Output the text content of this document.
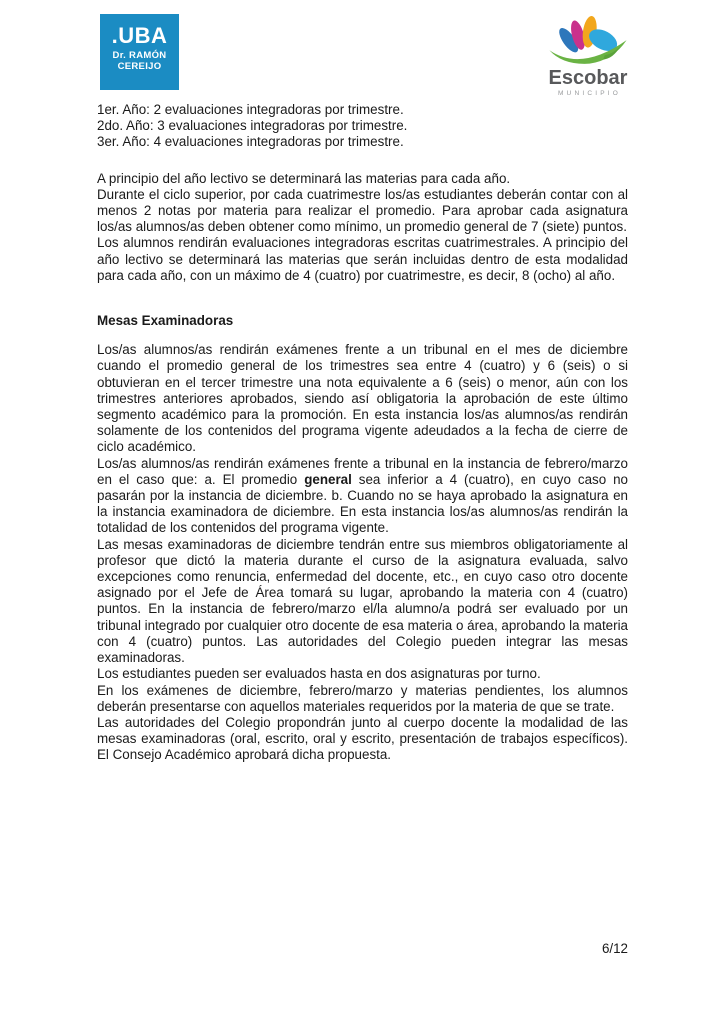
.UBA
Dr. RAMÓN
CEREIJO
Escobar
MUNICIPIO
1er. Año: 2 evaluaciones integradoras por trimestre.
2do. Año: 3 evaluaciones integradoras por trimestre.
3er. Año: 4 evaluaciones integradoras por trimestre.

A principio del año lectivo se determinará las materias para cada año.

Durante el ciclo superior, por cada cuatrimestre los/as estudiantes deberán contar con al menos 2 notas por materia para realizar el promedio. Para aprobar cada asignatura los/as alumnos/as deben obtener como mínimo, un promedio general de 7 (siete) puntos.

Los alumnos rendirán evaluaciones integradoras escritas cuatrimestrales. A principio del año lectivo se determinará las materias que serán incluidas dentro de esta modalidad para cada año, con un máximo de 4 (cuatro) por cuatrimestre, es decir, 8 (ocho) al año.

Mesas Examinadoras

Los/as alumnos/as rendirán exámenes frente a un tribunal en el mes de diciembre cuando el promedio general de los trimestres sea entre 4 (cuatro) y 6 (seis) o si obtuvieran en el tercer trimestre una nota equivalente a 6 (seis) o menor, aún con los trimestres anteriores aprobados, siendo así obligatoria la aprobación de este último segmento académico para la promoción. En esta instancia los/as alumnos/as rendirán solamente de los contenidos del programa vigente adeudados a la fecha de cierre de ciclo académico.

Los/as alumnos/as rendirán exámenes frente a tribunal en la instancia de febrero/marzo en el caso que: a. El promedio general sea inferior a 4 (cuatro), en cuyo caso no pasarán por la instancia de diciembre. b. Cuando no se haya aprobado la asignatura en la instancia examinadora de diciembre. En esta instancia los/as alumnos/as rendirán la totalidad de los contenidos del programa vigente.

Las mesas examinadoras de diciembre tendrán entre sus miembros obligatoriamente al profesor que dictó la materia durante el curso de la asignatura evaluada, salvo excepciones como renuncia, enfermedad del docente, etc., en cuyo caso otro docente asignado por el Jefe de Área tomará su lugar, aprobando la materia con 4 (cuatro) puntos. En la instancia de febrero/marzo el/la alumno/a podrá ser evaluado por un tribunal integrado por cualquier otro docente de esa materia o área, aprobando la materia con 4 (cuatro) puntos. Las autoridades del Colegio pueden integrar las mesas examinadoras.

Los estudiantes pueden ser evaluados hasta en dos asignaturas por turno.

En los exámenes de diciembre, febrero/marzo y materias pendientes, los alumnos deberán presentarse con aquellos materiales requeridos por la materia de que se trate.

Las autoridades del Colegio propondrán junto al cuerpo docente la modalidad de las mesas examinadoras (oral, escrito, oral y escrito, presentación de trabajos específicos). El Consejo Académico aprobará dicha propuesta.

6/12
